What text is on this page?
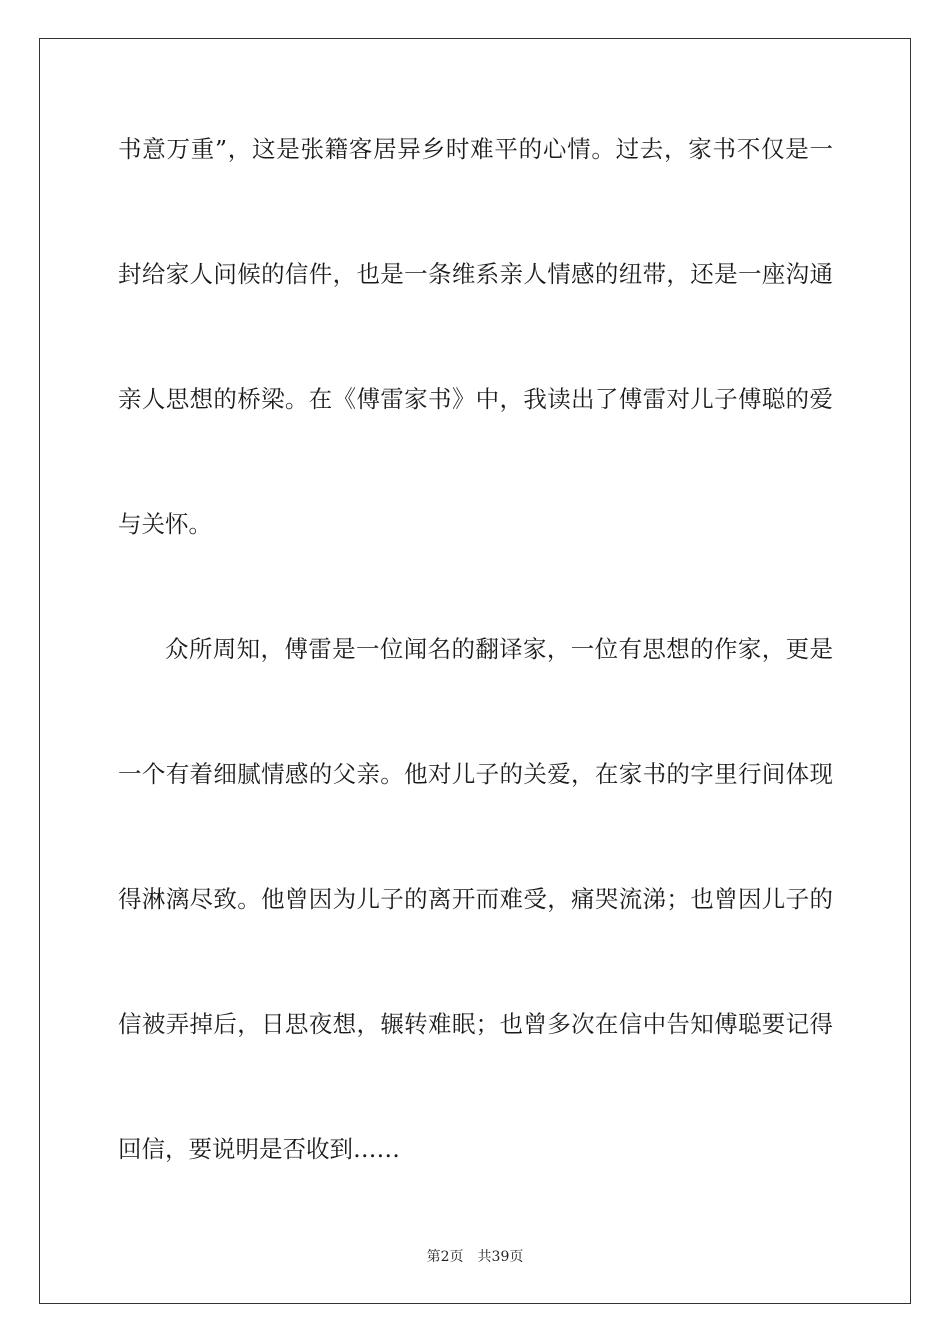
书意万重”，这是张籍客居异乡时难平的心情。过去，家书不仅是一
封给家人问候的信件，也是一条维系亲人情感的纽带，还是一座沟通
亲人思想的桥梁。在《傅雷家书》中，我读出了傅雷对儿子傅聪的爱
与关怀。
众所周知，傅雷是一位闻名的翻译家，一位有思想的作家，更是
一个有着细腻情感的父亲。他对儿子的关爱，在家书的字里行间体现
得淋漓尽致。他曾因为儿子的离开而难受，痛哭流涕；也曾因儿子的
信被弄掉后，日思夜想，辗转难眠；也曾多次在信中告知傅聪要记得
回信，要说明是否收到……
第2页 共39页
